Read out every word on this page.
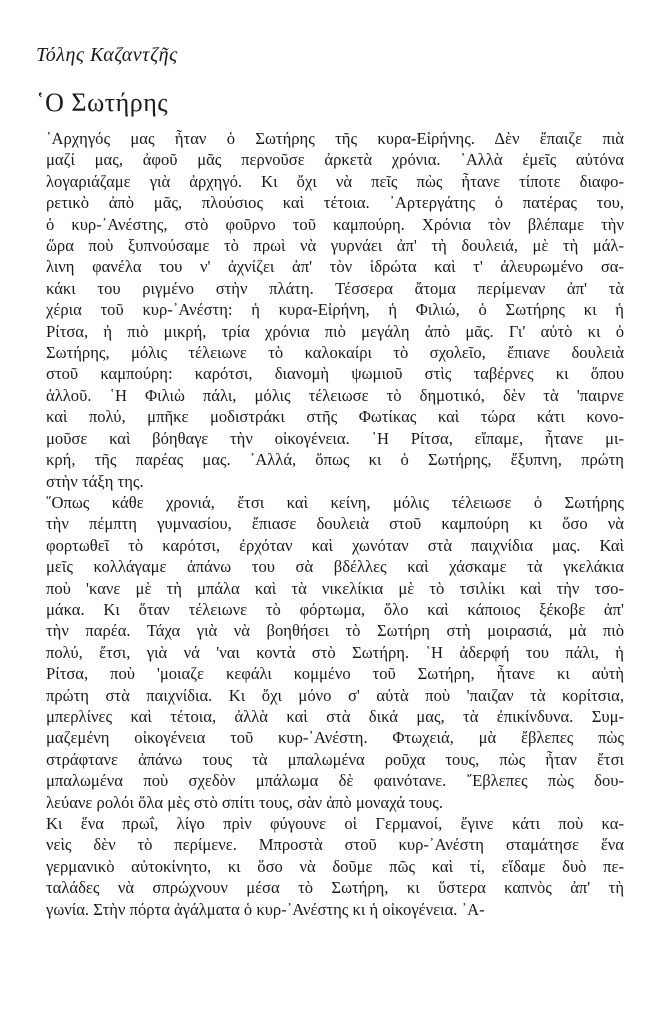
Τόλης Καζαντζῆς
῾Ο Σωτήρης

᾿Αρχηγός μας ἦταν ὁ Σωτήρης τῆς κυρα-Εἰρήνης. Δὲν ἔπαιζε πιὰ
μαζί μας, ἀφοῦ μᾶς περνοῦσε ἀρκετὰ χρόνια. ᾿Αλλὰ ἐμεῖς αὐτόνα
λογαριάζαμε γιὰ ἀρχηγό. Κι ὄχι νὰ πεῖς πὼς ἦτανε τίποτε διαφο-
ρετικὸ ἀπὸ μᾶς, πλούσιος καὶ τέτοια. ᾿Αρτεργάτης ὁ πατέρας του,
ὁ κυρ-᾿Ανέστης, στὸ φοῦρνο τοῦ καμπούρη. Χρόνια τὸν βλέπαμε τὴν
ὥρα ποὺ ξυπνούσαμε τὸ πρωὶ νὰ γυρνάει ἀπ' τὴ δουλειά, μὲ τὴ μάλ-
λινη φανέλα του ν' ἀχνίζει ἀπ' τὸν ἱδρώτα καὶ τ' ἀλευρωμένο σα-
κάκι του ριγμένο στὴν πλάτη. Τέσσερα ἄτομα περίμεναν ἀπ' τὰ
χέρια τοῦ κυρ-᾿Ανέστη: ἡ κυρα-Εἰρήνη, ἡ Φιλιώ, ὁ Σωτήρης κι ἡ
Ρίτσα, ἡ πιὸ μικρή, τρία χρόνια πιὸ μεγάλη ἀπὸ μᾶς. Γι' αὐτὸ κι ὁ
Σωτήρης, μόλις τέλειωνε τὸ καλοκαίρι τὸ σχολεῖο, ἔπιανε δουλειὰ
στοῦ καμπούρη: καρότσι, διανομὴ ψωμιοῦ στὶς ταβέρνες κι ὅπου
ἀλλοῦ. ῾Η Φιλιὼ πάλι, μόλις τέλειωσε τὸ δημοτικό, δὲν τὰ 'παιρνε
καὶ πολύ, μπῆκε μοδιστράκι στῆς Φωτίκας καὶ τώρα κάτι κονο-
μοῦσε καὶ βόηθαγε τὴν οἰκογένεια. ῾Η Ρίτσα, εἴπαμε, ἦτανε μι-
κρή, τῆς παρέας μας. ᾿Αλλά, ὅπως κι ὁ Σωτήρης, ἔξυπνη, πρώτη
στὴν τάξη της.

῞Οπως κάθε χρονιά, ἔτσι καὶ κείνη, μόλις τέλειωσε ὁ Σωτήρης
τὴν πέμπτη γυμνασίου, ἔπιασε δουλειὰ στοῦ καμπούρη κι ὅσο νὰ
φορτωθεῖ τὸ καρότσι, ἐρχόταν καὶ χωνόταν στὰ παιχνίδια μας. Καὶ
μεῖς κολλάγαμε ἀπάνω του σὰ βδέλλες καὶ χάσκαμε τὰ γκελάκια
ποὺ 'κανε μὲ τὴ μπάλα καὶ τὰ νικελίκια μὲ τὸ τσιλίκι καὶ τὴν τσο-
μάκα. Κι ὅταν τέλειωνε τὸ φόρτωμα, ὅλο καὶ κάποιος ξέκοβε ἀπ'
τὴν παρέα. Τάχα γιὰ νὰ βοηθήσει τὸ Σωτήρη στὴ μοιρασιά, μὰ πιὸ
πολύ, ἔτσι, γιὰ νά 'ναι κοντὰ στὸ Σωτήρη. ῾Η ἀδερφή του πάλι, ἡ
Ρίτσα, ποὺ 'μοιαζε κεφάλι κομμένο τοῦ Σωτήρη, ἦτανε κι αὐτὴ
πρώτη στὰ παιχνίδια. Κι ὄχι μόνο σ' αὐτὰ ποὺ 'παιζαν τὰ κορίτσια,
μπερλίνες καὶ τέτοια, ἀλλὰ καὶ στὰ δικά μας, τὰ ἐπικίνδυνα. Συμ-
μαζεμένη οἰκογένεια τοῦ κυρ-᾿Ανέστη. Φτωχειά, μὰ ἔβλεπες πὼς
στράφτανε ἀπάνω τους τὰ μπαλωμένα ροῦχα τους, πὼς ἦταν ἔτσι
μπαλωμένα ποὺ σχεδὸν μπάλωμα δὲ φαινότανε. ῎Εβλεπες πὼς δου-
λεύανε ρολόι ὅλα μὲς στὸ σπίτι τους, σὰν ἀπὸ μοναχά τους.

Κι ἕνα πρωΐ, λίγο πρὶν φύγουνε οἱ Γερμανοί, ἔγινε κάτι ποὺ κα-
νεὶς δὲν τὸ περίμενε. Μπροστὰ στοῦ κυρ-᾿Ανέστη σταμάτησε ἕνα
γερμανικὸ αὐτοκίνητο, κι ὅσο νὰ δοῦμε πῶς καὶ τί, εἴδαμε δυὸ πε-
ταλάδες νὰ σπρώχνουν μέσα τὸ Σωτήρη, κι ὕστερα καπνὸς ἀπ' τὴ
γωνία. Στὴν πόρτα ἀγάλματα ὁ κυρ-᾿Ανέστης κι ἡ οἰκογένεια. ᾿Α-
